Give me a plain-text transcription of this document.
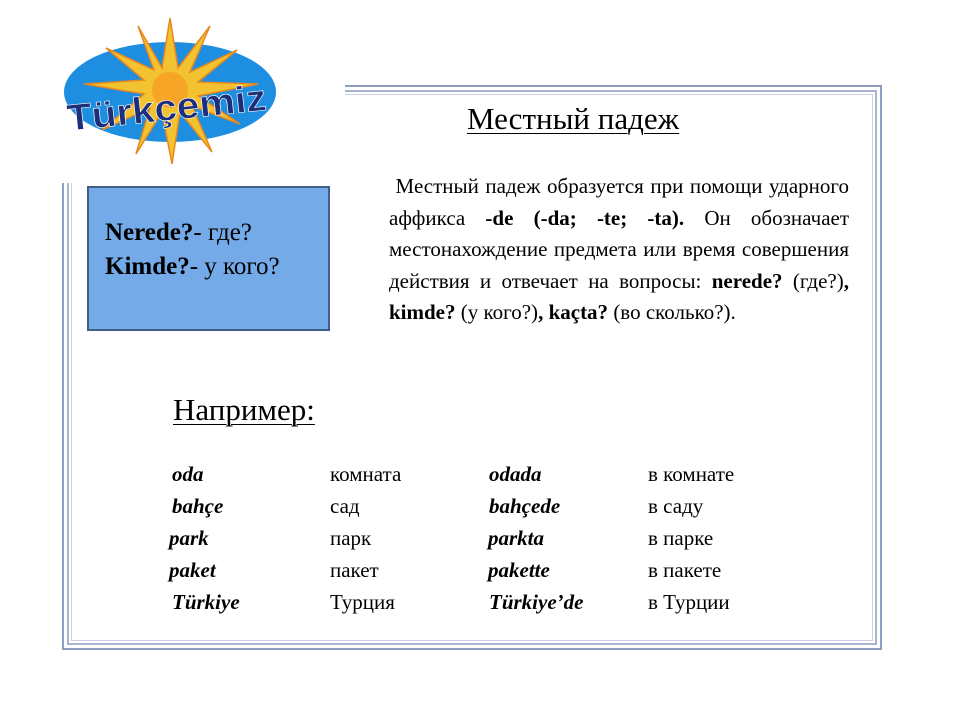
Türkçemiz	Местный падеж
Местный падеж образуется при помощи ударного аффикса -de (-da; -te; -ta). Он обозначает местонахождение предмета или время совершения действия и отвечает на вопросы: nerede? (где?), kimde? (у кого?), kaçta? (во сколько?).
Nerede?- где?
Kimde?- у кого?
Например:
oda	комната	odada	в комнате
bahçe	сад	bahçede	в саду
park	парк	parkta	в парке
paket	пакет	pakette	в пакете
Türkiye	Турция	Türkiye’de	в Турции
